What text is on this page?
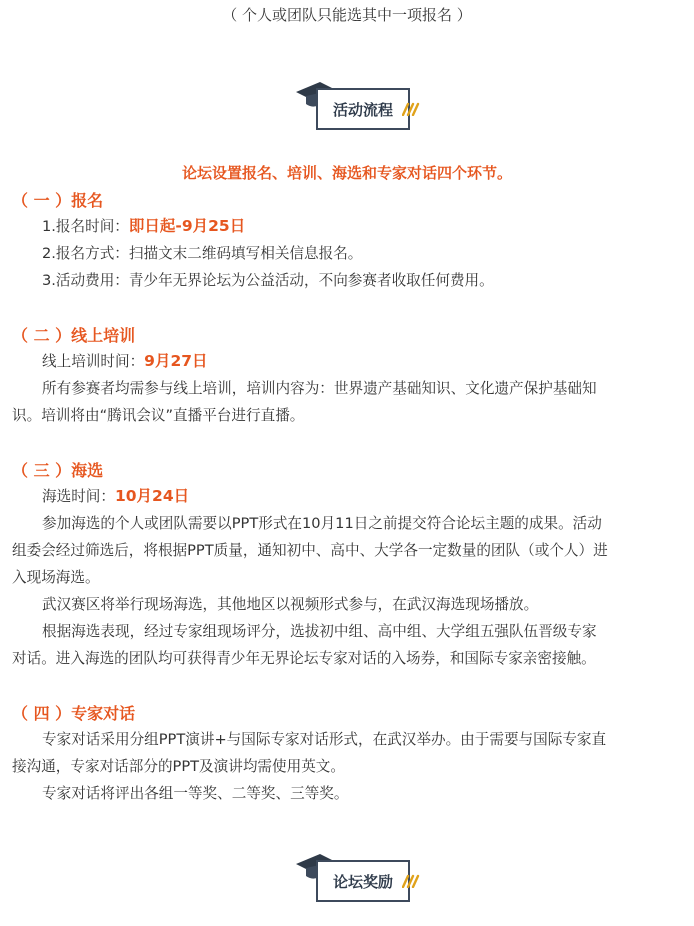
（ 个人或团队只能选其中一项报名 ）
活动流程
论坛设置报名、培训、海选和专家对话四个环节。
（ 一 ）报名
1.报名时间：即日起-9月25日
2.报名方式：扫描文末二维码填写相关信息报名。
3.活动费用：青少年无界论坛为公益活动，不向参赛者收取任何费用。
（ 二 ）线上培训
线上培训时间：9月27日
所有参赛者均需参与线上培训，培训内容为：世界遗产基础知识、文化遗产保护基础知
识。培训将由“腾讯会议”直播平台进行直播。
（ 三 ）海选
海选时间：10月24日
参加海选的个人或团队需要以PPT形式在10月11日之前提交符合论坛主题的成果。活动
组委会经过筛选后，将根据PPT质量，通知初中、高中、大学各一定数量的团队（或个人）进
入现场海选。
武汉赛区将举行现场海选，其他地区以视频形式参与，在武汉海选现场播放。
根据海选表现，经过专家组现场评分，选拔初中组、高中组、大学组五强队伍晋级专家
对话。进入海选的团队均可获得青少年无界论坛专家对话的入场券，和国际专家亲密接触。
（ 四 ）专家对话
专家对话采用分组PPT演讲+与国际专家对话形式，在武汉举办。由于需要与国际专家直
接沟通，专家对话部分的PPT及演讲均需使用英文。
专家对话将评出各组一等奖、二等奖、三等奖。
论坛奖励
